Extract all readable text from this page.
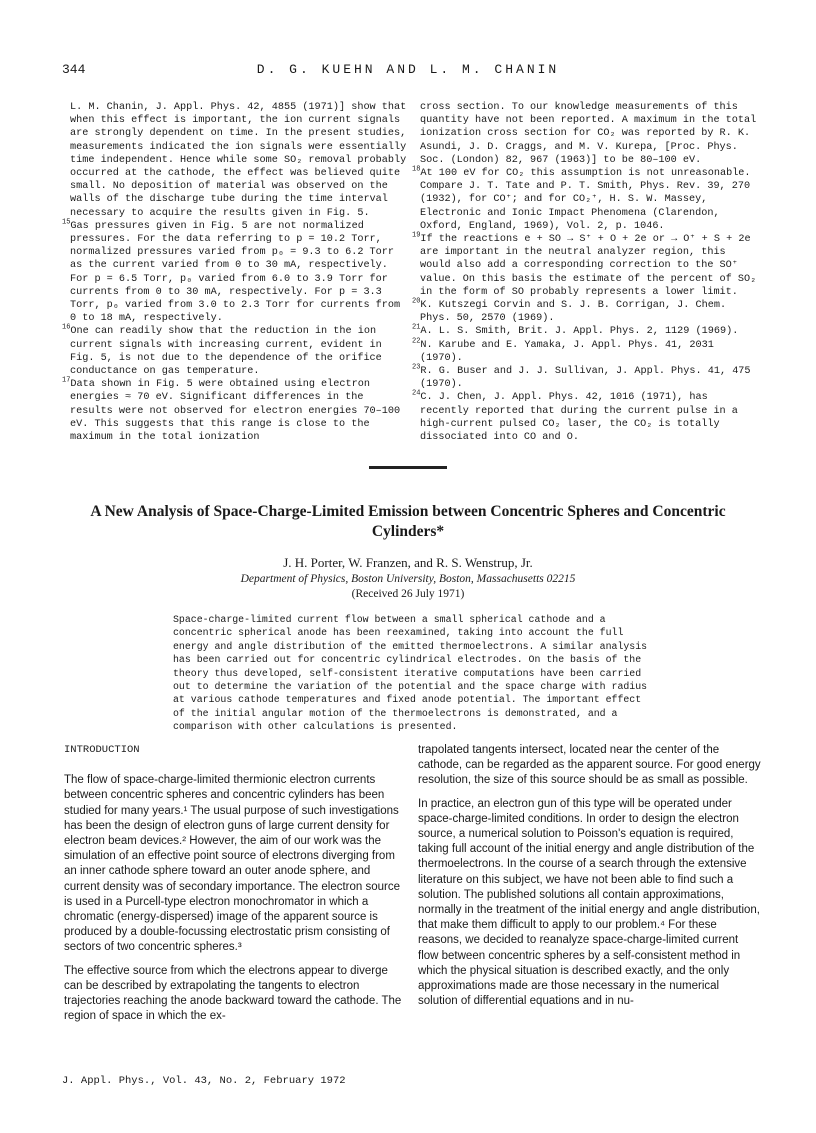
344	D. G. KUEHN AND L. M. CHANIN

L. M. Chanin, J. Appl. Phys. 42, 4855 (1971)] show that when this effect is important, the ion current signals are strongly dependent on time. In the present studies, measurements indicated the ion signals were essentially time independent. Hence while some SO₂ removal probably occurred at the cathode, the effect was believed quite small. No deposition of material was observed on the walls of the discharge tube during the time interval necessary to acquire the results given in Fig. 5.

$^{15}$Gas pressures given in Fig. 5 are not normalized pressures. For the data referring to p = 10.2 Torr, normalized pressures varied from p₀ = 9.3 to 6.2 Torr as the current varied from 0 to 30 mA, respectively. For p = 6.5 Torr, p₀ varied from 6.0 to 3.9 Torr for currents from 0 to 30 mA, respectively. For p = 3.3 Torr, p₀ varied from 3.0 to 2.3 Torr for currents from 0 to 18 mA, respectively.

$^{16}$One can readily show that the reduction in the ion current signals with increasing current, evident in Fig. 5, is not due to the dependence of the orifice conductance on gas temperature.

$^{17}$Data shown in Fig. 5 were obtained using electron energies ≈ 70 eV. Significant differences in the results were not observed for electron energies 70–100 eV. This suggests that this range is close to the maximum in the total ionization

cross section. To our knowledge measurements of this quantity have not been reported. A maximum in the total ionization cross section for CO₂ was reported by R. K. Asundi, J. D. Craggs, and M. V. Kurepa, [Proc. Phys. Soc. (London) 82, 967 (1963)] to be 80–100 eV.

$^{18}$At 100 eV for CO₂ this assumption is not unreasonable. Compare J. T. Tate and P. T. Smith, Phys. Rev. 39, 270 (1932), for CO⁺; and for CO₂⁺, H. S. W. Massey, Electronic and Ionic Impact Phenomena (Clarendon, Oxford, England, 1969), Vol. 2, p. 1046.

$^{19}$If the reactions e + SO → S⁺ + O + 2e or → O⁺ + S + 2e are important in the neutral analyzer region, this would also add a corresponding correction to the SO⁺ value. On this basis the estimate of the percent of SO₂ in the form of SO probably represents a lower limit.

$^{20}$K. Kutszegi Corvin and S. J. B. Corrigan, J. Chem. Phys. 50, 2570 (1969).

$^{21}$A. L. S. Smith, Brit. J. Appl. Phys. 2, 1129 (1969).

$^{22}$N. Karube and E. Yamaka, J. Appl. Phys. 41, 2031 (1970).

$^{23}$R. G. Buser and J. J. Sullivan, J. Appl. Phys. 41, 475 (1970).

$^{24}$C. J. Chen, J. Appl. Phys. 42, 1016 (1971), has recently reported that during the current pulse in a high-current pulsed CO₂ laser, the CO₂ is totally dissociated into CO and O.

A New Analysis of Space-Charge-Limited Emission between Concentric Spheres and Concentric Cylinders*
J. H. Porter, W. Franzen, and R. S. Wenstrup, Jr.
Department of Physics, Boston University, Boston, Massachusetts 02215
(Received 26 July 1971)

Space-charge-limited current flow between a small spherical cathode and a concentric spherical anode has been reexamined, taking into account the full energy and angle distribution of the emitted thermoelectrons. A similar analysis has been carried out for concentric cylindrical electrodes. On the basis of the theory thus developed, self-consistent iterative computations have been carried out to determine the variation of the potential and the space charge with radius at various cathode temperatures and fixed anode potential. The important effect of the initial angular motion of the thermoelectrons is demonstrated, and a comparison with other calculations is presented.

INTRODUCTION

The flow of space-charge-limited thermionic electron currents between concentric spheres and concentric cylinders has been studied for many years.¹ The usual purpose of such investigations has been the design of electron guns of large current density for electron beam devices.² However, the aim of our work was the simulation of an effective point source of electrons diverging from an inner cathode sphere toward an outer anode sphere, and current density was of secondary importance. The electron source is used in a Purcell-type electron monochromator in which a chromatic (energy-dispersed) image of the apparent source is produced by a double-focussing electrostatic prism consisting of sectors of two concentric spheres.³

The effective source from which the electrons appear to diverge can be described by extrapolating the tangents to electron trajectories reaching the anode backward toward the cathode. The region of space in which the ex-

trapolated tangents intersect, located near the center of the cathode, can be regarded as the apparent source. For good energy resolution, the size of this source should be as small as possible.

In practice, an electron gun of this type will be operated under space-charge-limited conditions. In order to design the electron source, a numerical solution to Poisson's equation is required, taking full account of the initial energy and angle distribution of the thermoelectrons. In the course of a search through the extensive literature on this subject, we have not been able to find such a solution. The published solutions all contain approximations, normally in the treatment of the initial energy and angle distribution, that make them difficult to apply to our problem.⁴ For these reasons, we decided to reanalyze space-charge-limited current flow between concentric spheres by a self-consistent method in which the physical situation is described exactly, and the only approximations made are those necessary in the numerical solution of differential equations and in nu-

J. Appl. Phys., Vol. 43, No. 2, February 1972
